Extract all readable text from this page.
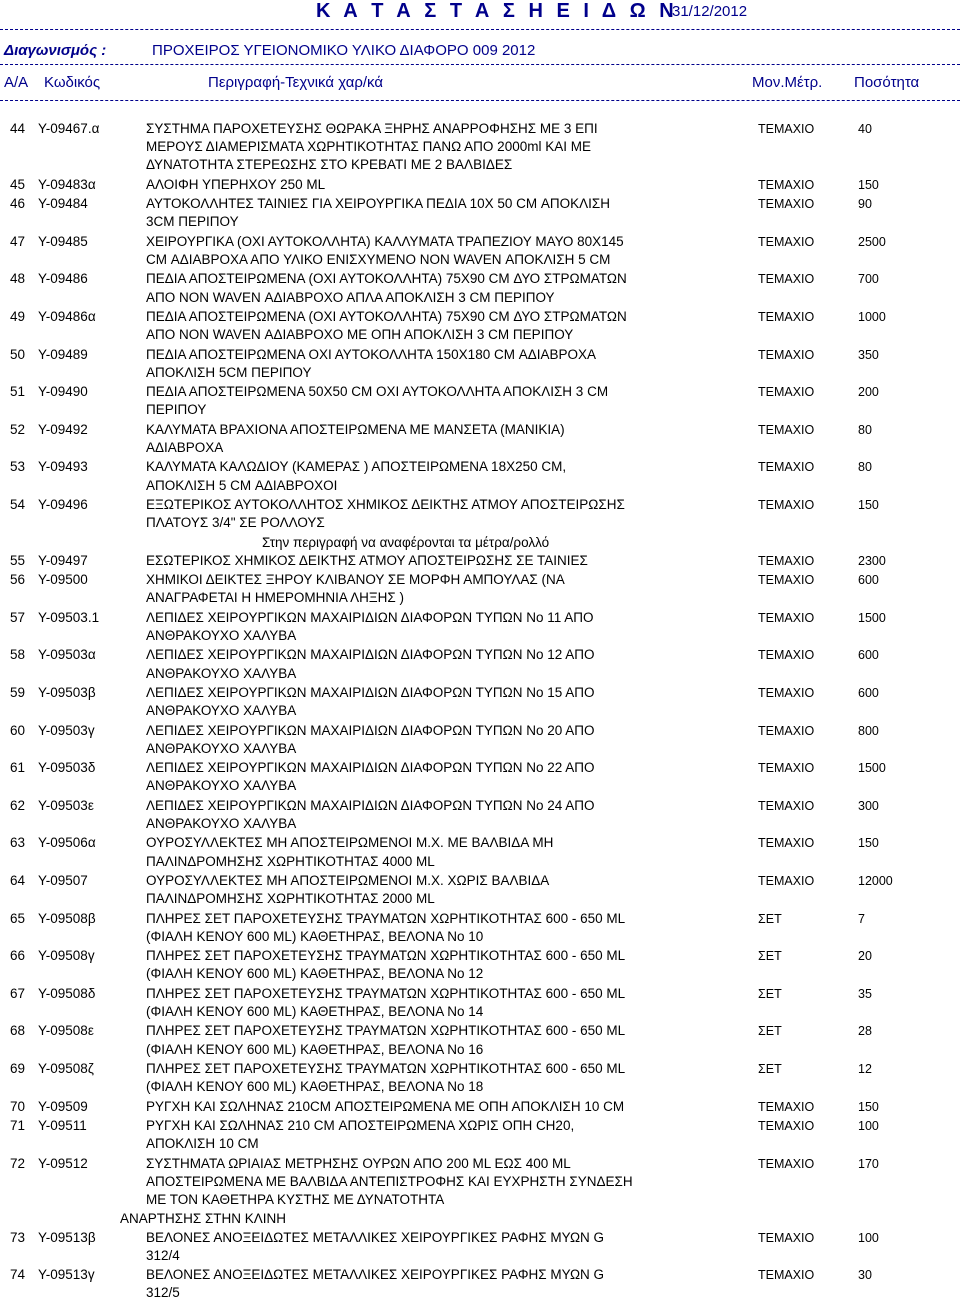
Κ Α Τ Α Σ Τ Α Σ Η Ε Ι Δ Ω Ν
31/12/2012
Διαγωνισμός :	ΠΡΟΧΕΙΡΟΣ ΥΓΕΙΟΝΟΜΙΚΟ ΥΛΙΚΟ ΔΙΑΦΟΡΟ 009 2012
Α/Α Κωδικός	Περιγραφή-Τεχνικά χαρ/κά	Μον.Μέτρ. Ποσότητα
44 Υ-09467.α	ΤΕΜΑΧΙΟ	40
ΣΥΣΤΗΜΑ ΠΑΡΟΧΕΤΕΥΣΗΣ ΘΩΡΑΚΑ ΞΗΡΗΣ ΑΝΑΡΡΟΦΗΣΗΣ ΜΕ 3 ΕΠΙ
ΜΕΡΟΥΣ ΔΙΑΜΕΡΙΣΜΑΤΑ ΧΩΡΗΤΙΚΟΤΗΤΑΣ ΠΑΝΩ ΑΠΟ 2000ml ΚΑΙ ΜΕ
ΔΥΝΑΤΟΤΗΤΑ ΣΤΕΡΕΩΣΗΣ ΣΤΟ ΚΡΕΒΑΤΙ ΜΕ 2 ΒΑΛΒΙΔΕΣ
45 Υ-09483α	ΤΕΜΑΧΙΟ	150
ΑΛΟΙΦΗ ΥΠΕΡΗΧΟΥ 250 ML
46 Υ-09484	ΤΕΜΑΧΙΟ	90
ΑΥΤΟΚΟΛΛΗΤΕΣ ΤΑΙΝΙΕΣ ΓΙΑ ΧΕΙΡΟΥΡΓΙΚΑ ΠΕΔΙΑ 10Χ 50 CM ΑΠΟΚΛΙΣΗ
3CM ΠΕΡΙΠΟΥ
47 Υ-09485	ΤΕΜΑΧΙΟ	2500
ΧΕΙΡΟΥΡΓΙΚΑ (ΟΧΙ ΑΥΤΟΚΟΛΛΗΤΑ) ΚΑΛΛΥΜΑΤΑ ΤΡΑΠΕΖΙΟΥ ΜΑΥΟ 80Χ145
CM ΑΔΙΑΒΡΟΧΑ ΑΠΟ ΥΛΙΚΟ ΕΝΙΣΧΥΜΕΝΟ NON WAVEN ΑΠΟΚΛΙΣΗ 5 CM
48 Υ-09486	ΤΕΜΑΧΙΟ	700
ΠΕΔΙΑ ΑΠΟΣΤΕΙΡΩΜΕΝΑ (ΟΧΙ ΑΥΤΟΚΟΛΛΗΤΑ) 75Χ90 CM ΔΥΟ ΣΤΡΩΜΑΤΩΝ
ΑΠΟ NON WAVEN ΑΔΙΑΒΡΟΧΟ ΑΠΛΑ ΑΠΟΚΛΙΣΗ 3 CM ΠΕΡΙΠΟΥ
49 Υ-09486α	ΤΕΜΑΧΙΟ	1000
ΠΕΔΙΑ ΑΠΟΣΤΕΙΡΩΜΕΝΑ (ΟΧΙ ΑΥΤΟΚΟΛΛΗΤΑ) 75Χ90 CM ΔΥΟ ΣΤΡΩΜΑΤΩΝ
ΑΠΟ NON WAVEN ΑΔΙΑΒΡΟΧΟ ΜΕ ΟΠΗ ΑΠΟΚΛΙΣΗ 3 CM ΠΕΡΙΠΟΥ
50 Υ-09489	ΤΕΜΑΧΙΟ	350
ΠΕΔΙΑ ΑΠΟΣΤΕΙΡΩΜΕΝΑ ΟΧΙ ΑΥΤΟΚΟΛΛΗΤΑ 150Χ180 CM ΑΔΙΑΒΡΟΧΑ
ΑΠΟΚΛΙΣΗ 5CM ΠΕΡΙΠΟΥ
51 Υ-09490	ΤΕΜΑΧΙΟ	200
ΠΕΔΙΑ ΑΠΟΣΤΕΙΡΩΜΕΝΑ 50Χ50 CM ΟΧΙ ΑΥΤΟΚΟΛΛΗΤΑ ΑΠΟΚΛΙΣΗ 3 CM
ΠΕΡΙΠΟΥ
52 Υ-09492	ΤΕΜΑΧΙΟ	80
ΚΑΛΥΜΑΤΑ ΒΡΑΧΙΟΝΑ ΑΠΟΣΤΕΙΡΩΜΕΝΑ ΜΕ ΜΑΝΣΕΤΑ (ΜΑΝΙΚΙΑ)
ΑΔΙΑΒΡΟΧΑ
53 Υ-09493	ΤΕΜΑΧΙΟ	80
ΚΑΛΥΜΑΤΑ ΚΑΛΩΔΙΟΥ (ΚΑΜΕΡΑΣ ) ΑΠΟΣΤΕΙΡΩΜΕΝΑ 18Χ250 CM,
ΑΠΟΚΛΙΣΗ 5 CM ΑΔΙΑΒΡΟΧΟΙ
54 Υ-09496	ΤΕΜΑΧΙΟ	150
ΕΞΩΤΕΡΙΚΟΣ ΑΥΤΟΚΟΛΛΗΤΟΣ ΧΗΜΙΚΟΣ ΔΕΙΚΤΗΣ ΑΤΜΟΥ ΑΠΟΣΤΕΙΡΩΣΗΣ
ΠΛΑΤΟΥΣ 3/4" ΣΕ ΡΟΛΛΟΥΣ
Στην περιγραφή να αναφέρονται τα μέτρα/ρολλό
55 Υ-09497	ΤΕΜΑΧΙΟ	2300
ΕΣΩΤΕΡΙΚΟΣ ΧΗΜΙΚΟΣ ΔΕΙΚΤΗΣ ΑΤΜΟΥ ΑΠΟΣΤΕΙΡΩΣΗΣ ΣΕ ΤΑΙΝΙΕΣ
56 Υ-09500	ΤΕΜΑΧΙΟ	600
ΧΗΜΙΚΟΙ ΔΕΙΚΤΕΣ ΞΗΡΟΥ ΚΛΙΒΑΝΟΥ ΣΕ ΜΟΡΦΗ ΑΜΠΟΥΛΑΣ (ΝΑ
ΑΝΑΓΡΑΦΕΤΑΙ Η ΗΜΕΡΟΜΗΝΙΑ ΛΗΞΗΣ )
57 Υ-09503.1	ΤΕΜΑΧΙΟ	1500
ΛΕΠΙΔΕΣ ΧΕΙΡΟΥΡΓΙΚΩΝ ΜΑΧΑΙΡΙΔΙΩΝ ΔΙΑΦΟΡΩΝ ΤΥΠΩΝ Νο 11 ΑΠΟ
ΑΝΘΡΑΚΟΥΧΟ ΧΑΛΥΒΑ
58 Υ-09503α	ΤΕΜΑΧΙΟ	600
ΛΕΠΙΔΕΣ ΧΕΙΡΟΥΡΓΙΚΩΝ ΜΑΧΑΙΡΙΔΙΩΝ ΔΙΑΦΟΡΩΝ ΤΥΠΩΝ Νο 12 ΑΠΟ
ΑΝΘΡΑΚΟΥΧΟ ΧΑΛΥΒΑ
59 Υ-09503β	ΤΕΜΑΧΙΟ	600
ΛΕΠΙΔΕΣ ΧΕΙΡΟΥΡΓΙΚΩΝ ΜΑΧΑΙΡΙΔΙΩΝ ΔΙΑΦΟΡΩΝ ΤΥΠΩΝ Νο 15 ΑΠΟ
ΑΝΘΡΑΚΟΥΧΟ ΧΑΛΥΒΑ
60 Υ-09503γ	ΤΕΜΑΧΙΟ	800
ΛΕΠΙΔΕΣ ΧΕΙΡΟΥΡΓΙΚΩΝ ΜΑΧΑΙΡΙΔΙΩΝ ΔΙΑΦΟΡΩΝ ΤΥΠΩΝ Νο 20 ΑΠΟ
ΑΝΘΡΑΚΟΥΧΟ ΧΑΛΥΒΑ
61 Υ-09503δ	ΤΕΜΑΧΙΟ	1500
ΛΕΠΙΔΕΣ ΧΕΙΡΟΥΡΓΙΚΩΝ ΜΑΧΑΙΡΙΔΙΩΝ ΔΙΑΦΟΡΩΝ ΤΥΠΩΝ Νο 22 ΑΠΟ
ΑΝΘΡΑΚΟΥΧΟ ΧΑΛΥΒΑ
62 Υ-09503ε	ΤΕΜΑΧΙΟ	300
ΛΕΠΙΔΕΣ ΧΕΙΡΟΥΡΓΙΚΩΝ ΜΑΧΑΙΡΙΔΙΩΝ ΔΙΑΦΟΡΩΝ ΤΥΠΩΝ Νο 24 ΑΠΟ
ΑΝΘΡΑΚΟΥΧΟ ΧΑΛΥΒΑ
63 Υ-09506α	ΤΕΜΑΧΙΟ	150
ΟΥΡΟΣΥΛΛΕΚΤΕΣ ΜΗ ΑΠΟΣΤΕΙΡΩΜΕΝΟΙ Μ.Χ. ΜΕ ΒΑΛΒΙΔΑ ΜΗ
ΠΑΛΙΝΔΡΟΜΗΣΗΣ ΧΩΡΗΤΙΚΟΤΗΤΑΣ 4000 ML
64 Υ-09507	ΤΕΜΑΧΙΟ	12000
ΟΥΡΟΣΥΛΛΕΚΤΕΣ ΜΗ ΑΠΟΣΤΕΙΡΩΜΕΝΟΙ Μ.Χ. ΧΩΡΙΣ ΒΑΛΒΙΔΑ
ΠΑΛΙΝΔΡΟΜΗΣΗΣ ΧΩΡΗΤΙΚΟΤΗΤΑΣ 2000 ML
65 Υ-09508β	ΣΕΤ	7
ΠΛΗΡΕΣ ΣΕΤ ΠΑΡΟΧΕΤΕΥΣΗΣ ΤΡΑΥΜΑΤΩΝ ΧΩΡΗΤΙΚΟΤΗΤΑΣ 600 - 650 ML
(ΦΙΑΛΗ ΚΕΝΟΥ 600 ML) ΚΑΘΕΤΗΡΑΣ, ΒΕΛΟΝΑ No 10
66 Υ-09508γ	ΣΕΤ	20
ΠΛΗΡΕΣ ΣΕΤ ΠΑΡΟΧΕΤΕΥΣΗΣ ΤΡΑΥΜΑΤΩΝ ΧΩΡΗΤΙΚΟΤΗΤΑΣ 600 - 650 ML
(ΦΙΑΛΗ ΚΕΝΟΥ 600 ML) ΚΑΘΕΤΗΡΑΣ, ΒΕΛΟΝΑ No 12
67 Υ-09508δ	ΣΕΤ	35
ΠΛΗΡΕΣ ΣΕΤ ΠΑΡΟΧΕΤΕΥΣΗΣ ΤΡΑΥΜΑΤΩΝ ΧΩΡΗΤΙΚΟΤΗΤΑΣ 600 - 650 ML
(ΦΙΑΛΗ ΚΕΝΟΥ 600 ML) ΚΑΘΕΤΗΡΑΣ, ΒΕΛΟΝΑ No 14
68 Υ-09508ε	ΣΕΤ	28
ΠΛΗΡΕΣ ΣΕΤ ΠΑΡΟΧΕΤΕΥΣΗΣ ΤΡΑΥΜΑΤΩΝ ΧΩΡΗΤΙΚΟΤΗΤΑΣ 600 - 650 ML
(ΦΙΑΛΗ ΚΕΝΟΥ 600 ML) ΚΑΘΕΤΗΡΑΣ, ΒΕΛΟΝΑ No 16
69 Υ-09508ζ	ΣΕΤ	12
ΠΛΗΡΕΣ ΣΕΤ ΠΑΡΟΧΕΤΕΥΣΗΣ ΤΡΑΥΜΑΤΩΝ ΧΩΡΗΤΙΚΟΤΗΤΑΣ 600 - 650 ML
(ΦΙΑΛΗ ΚΕΝΟΥ 600 ML) ΚΑΘΕΤΗΡΑΣ, ΒΕΛΟΝΑ No 18
70 Υ-09509	ΤΕΜΑΧΙΟ	150
ΡΥΓΧΗ ΚΑΙ ΣΩΛΗΝΑΣ 210CM ΑΠΟΣΤΕΙΡΩΜΕΝΑ ΜΕ ΟΠΗ ΑΠΟΚΛΙΣΗ 10 CM
71 Υ-09511	ΤΕΜΑΧΙΟ	100
ΡΥΓΧΗ ΚΑΙ ΣΩΛΗΝΑΣ 210 CM ΑΠΟΣΤΕΙΡΩΜΕΝΑ ΧΩΡΙΣ ΟΠΗ CH20,
ΑΠΟΚΛΙΣΗ 10 CM
72 Υ-09512	ΤΕΜΑΧΙΟ	170
ΣΥΣΤΗΜΑΤΑ ΩΡΙΑΙΑΣ ΜΕΤΡΗΣΗΣ ΟΥΡΩΝ ΑΠΟ 200 ML ΕΩΣ 400 ML
ΑΠΟΣΤΕΙΡΩΜΕΝΑ ΜΕ ΒΑΛΒΙΔΑ ΑΝΤΕΠΙΣΤΡΟΦΗΣ ΚΑΙ ΕΥΧΡΗΣΤΗ ΣΥΝΔΕΣΗ
ΜΕ ΤΟΝ ΚΑΘΕΤΗΡΑ ΚΥΣΤΗΣ ΜΕ ΔΥΝΑΤΟΤΗΤΑ
ΑΝΑΡΤΗΣΗΣ ΣΤΗΝ ΚΛΙΝΗ
73 Υ-09513β	ΤΕΜΑΧΙΟ	100
ΒΕΛΟΝΕΣ ΑΝΟΞΕΙΔΩΤΕΣ ΜΕΤΑΛΛΙΚΕΣ ΧΕΙΡΟΥΡΓΙΚΕΣ ΡΑΦΗΣ ΜΥΩΝ G
312/4
74 Υ-09513γ	ΤΕΜΑΧΙΟ	30
ΒΕΛΟΝΕΣ ΑΝΟΞΕΙΔΩΤΕΣ ΜΕΤΑΛΛΙΚΕΣ ΧΕΙΡΟΥΡΓΙΚΕΣ ΡΑΦΗΣ ΜΥΩΝ G
312/5
